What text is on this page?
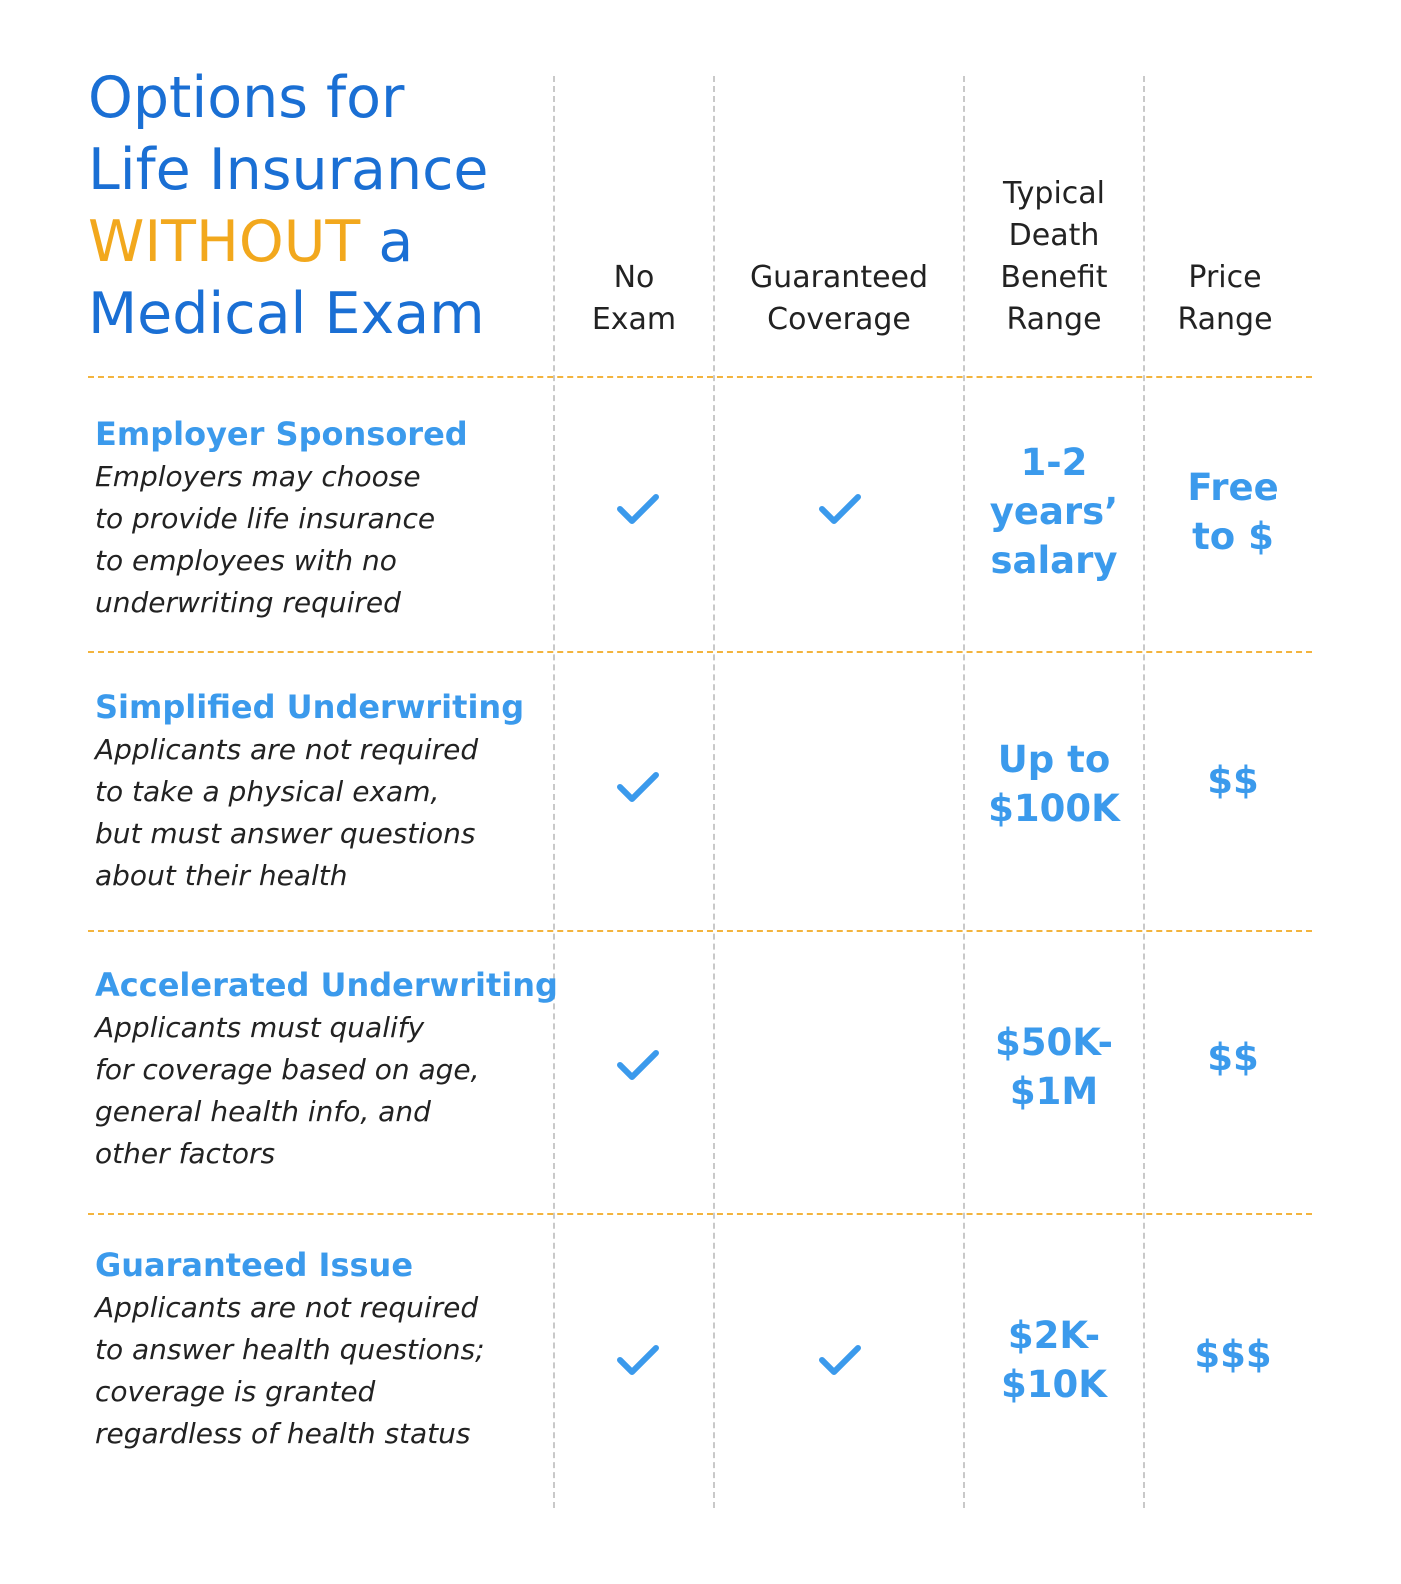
Options for
Life Insurance
WITHOUT a
Medical Exam
No
Exam
Guaranteed
Coverage
Typical
Death
Benefit
Range
Price
Range
Employer Sponsored
Employers may choose
to provide life insurance
to employees with no
underwriting required
1-2
years’
salary
Free
to $
Simplified Underwriting
Applicants are not required
to take a physical exam,
but must answer questions
about their health
Up to
$100K
$$
Accelerated Underwriting
Applicants must qualify
for coverage based on age,
general health info, and
other factors
$50K-
$1M
$$
Guaranteed Issue
Applicants are not required
to answer health questions;
coverage is granted
regardless of health status
$2K-
$10K
$$$
